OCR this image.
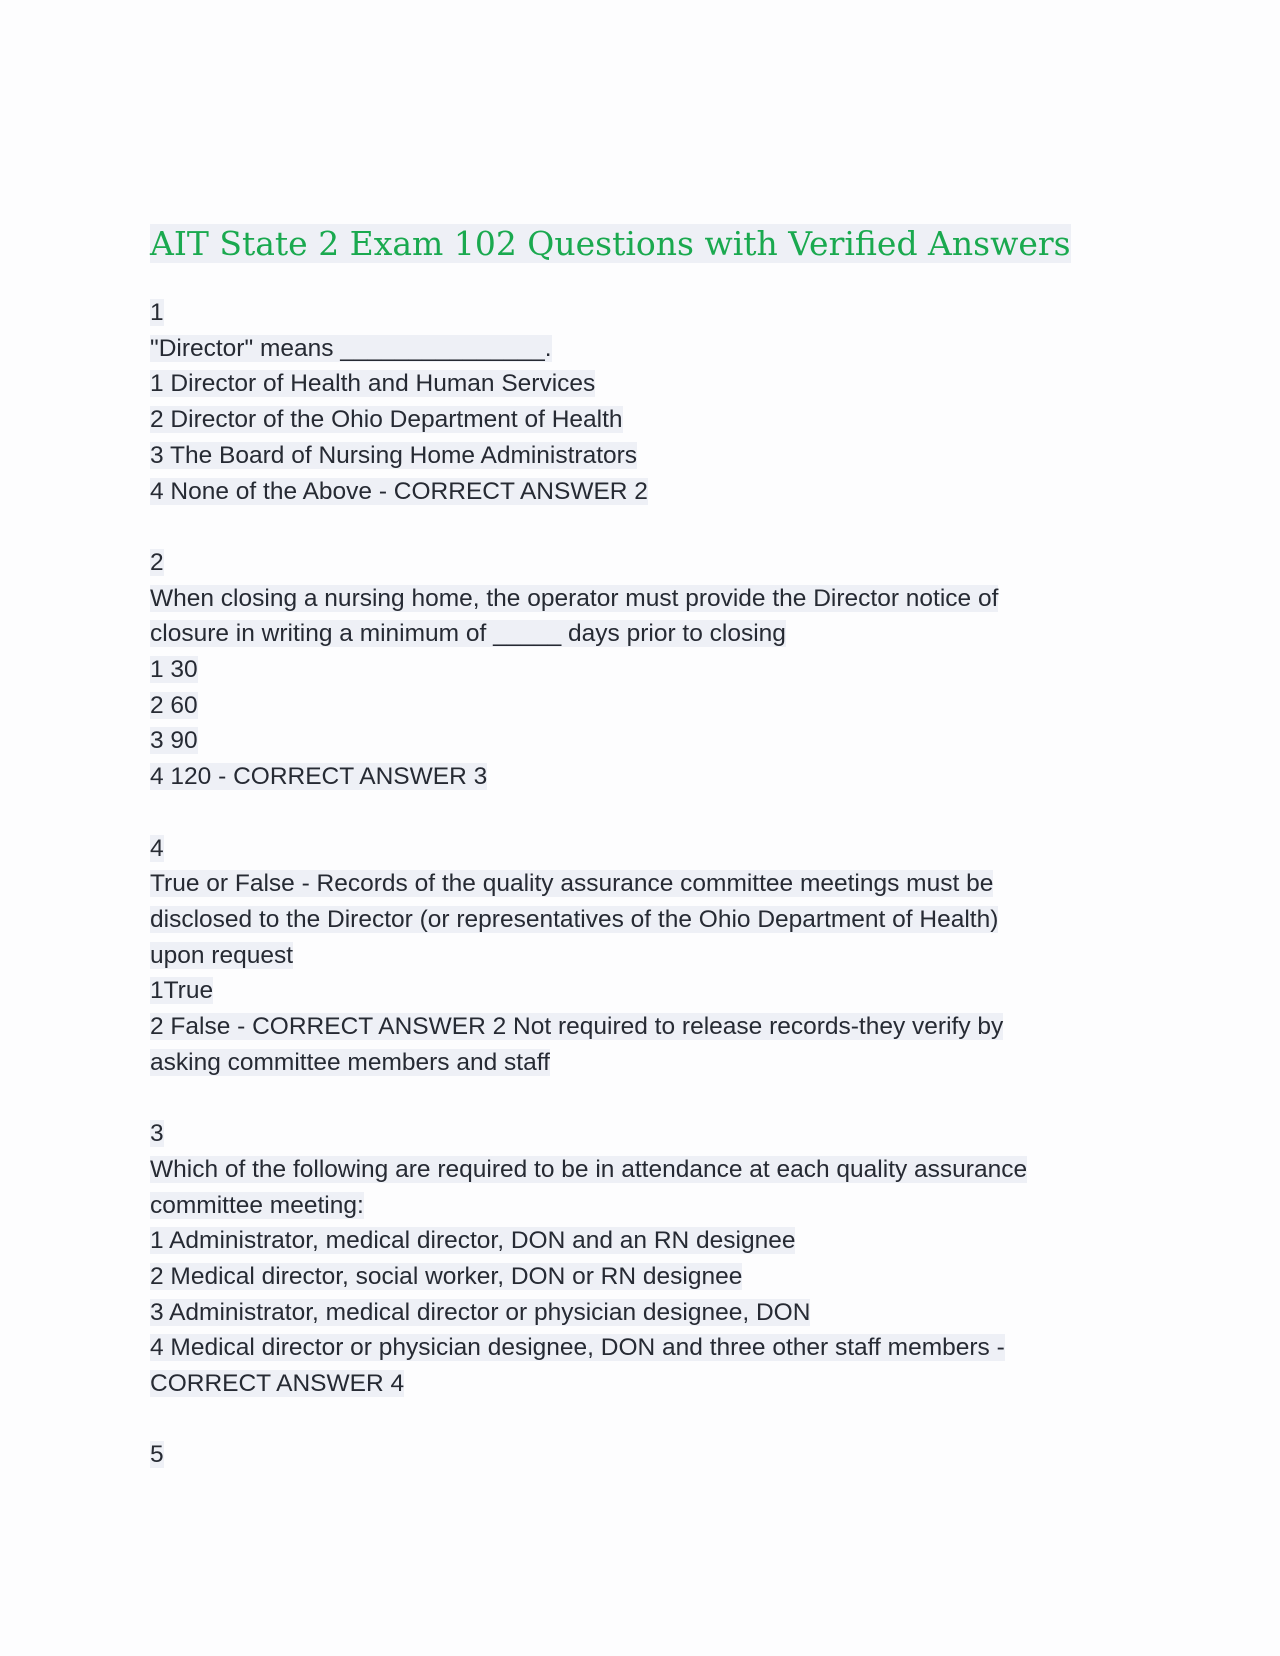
AIT State 2 Exam 102 Questions with Verified Answers
1
"Director" means _______________.
1 Director of Health and Human Services
2 Director of the Ohio Department of Health
3 The Board of Nursing Home Administrators
4 None of the Above - CORRECT ANSWER 2
2
When closing a nursing home, the operator must provide the Director notice of
closure in writing a minimum of _____ days prior to closing
1 30
2 60
3 90
4 120 - CORRECT ANSWER 3
4
True or False - Records of the quality assurance committee meetings must be
disclosed to the Director (or representatives of the Ohio Department of Health)
upon request
1True
2 False - CORRECT ANSWER 2 Not required to release records-they verify by
asking committee members and staff
3
Which of the following are required to be in attendance at each quality assurance
committee meeting:
1 Administrator, medical director, DON and an RN designee
2 Medical director, social worker, DON or RN designee
3 Administrator, medical director or physician designee, DON
4 Medical director or physician designee, DON and three other staff members -
CORRECT ANSWER 4
5
